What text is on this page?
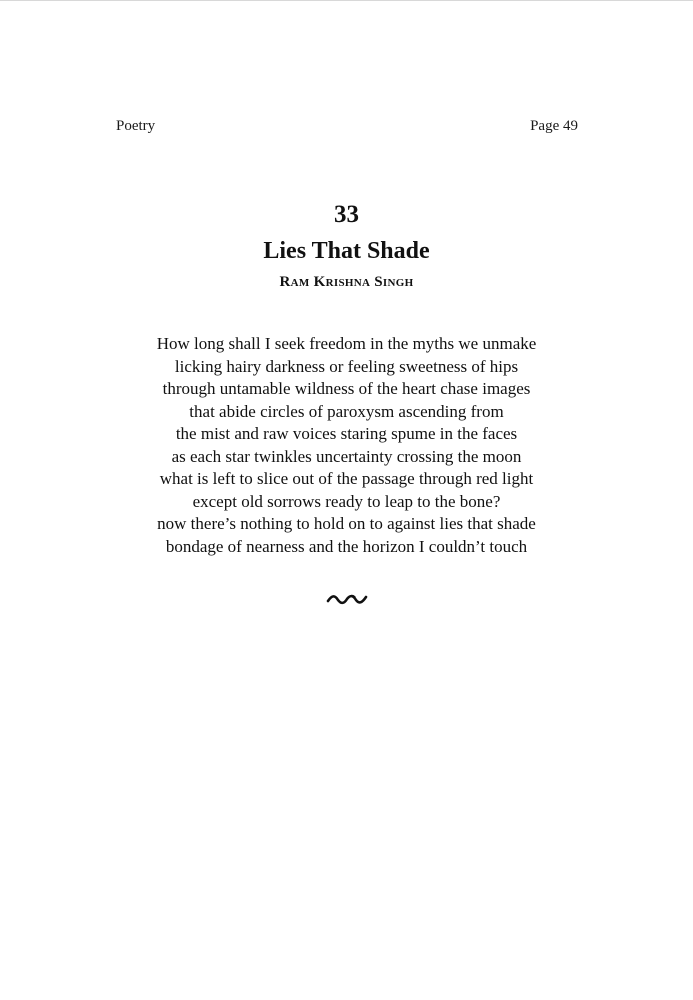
Poetry	Page 49
33
Lies That Shade
Ram Krishna Singh
How long shall I seek freedom in the myths we unmake
licking hairy darkness or feeling sweetness of hips
through untamable wildness of the heart chase images
that abide circles of paroxysm ascending from
the mist and raw voices staring spume in the faces
as each star twinkles uncertainty crossing the moon
what is left to slice out of the passage through red light
except old sorrows ready to leap to the bone?
now there’s nothing to hold on to against lies that shade
bondage of nearness and the horizon I couldn’t touch
